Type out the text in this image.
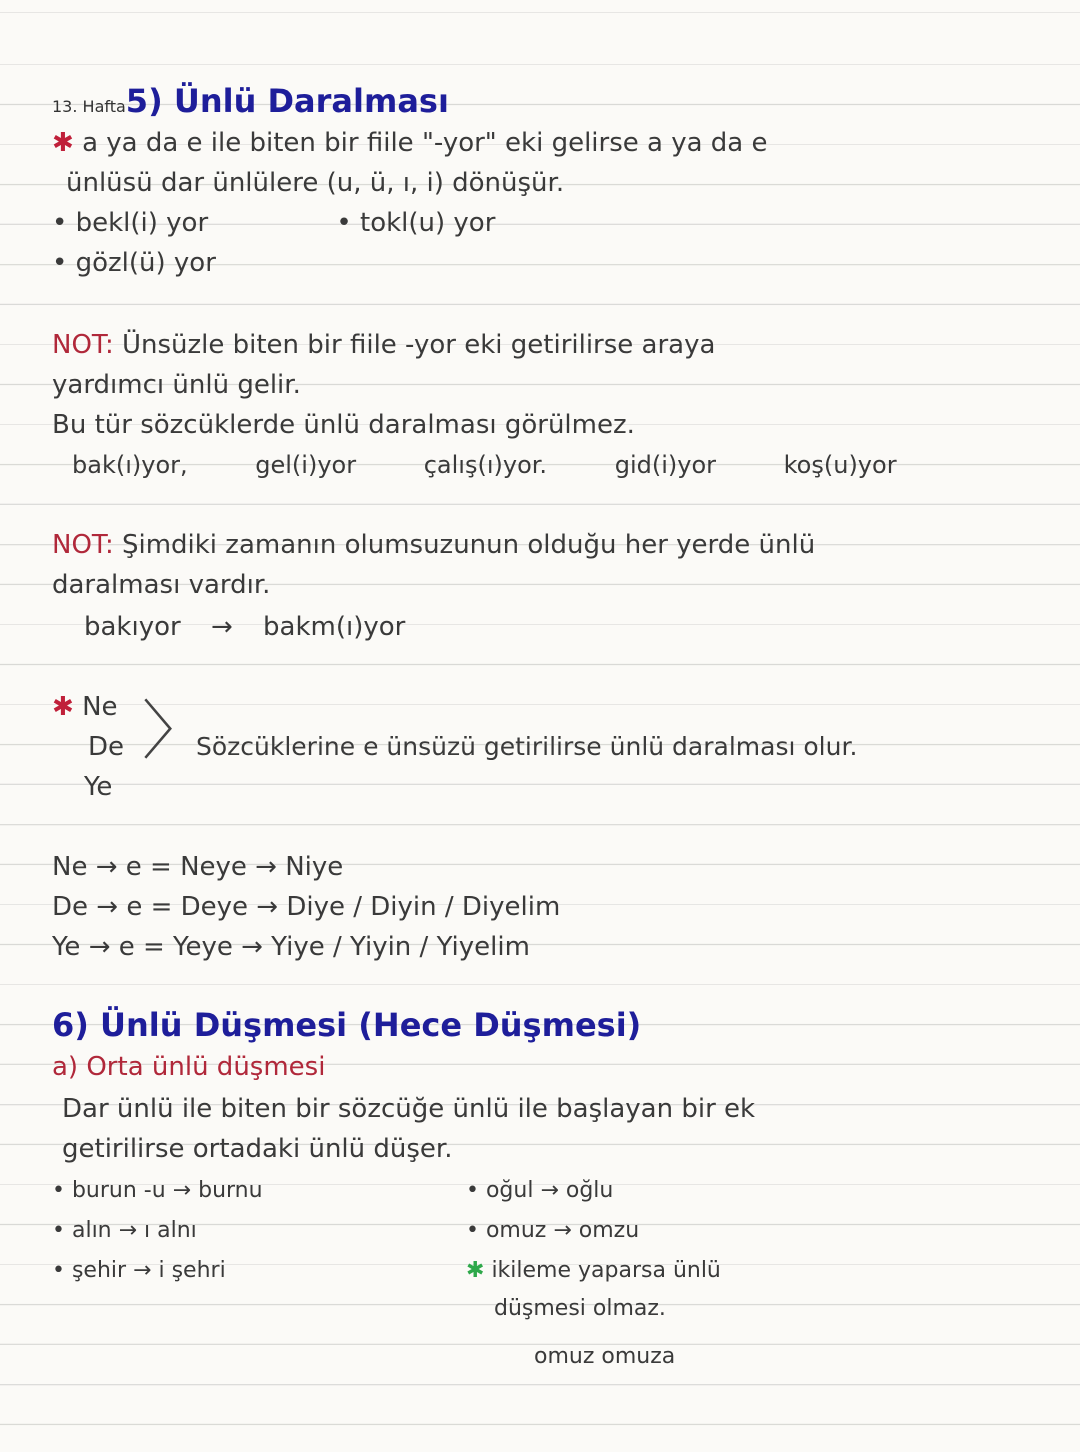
13. Hafta5) Ünlü Daralması
✱ a ya da e ile biten bir fiile "-yor" eki gelirse a ya da e
ünlüsü dar ünlülere (u, ü, ı, i) dönüşür.
• bekl(i) yor	• tokl(u) yor
• gözl(ü) yor
NOT: Ünsüzle biten bir fiile -yor eki getirilirse araya
yardımcı ünlü gelir.
Bu tür sözcüklerde ünlü daralması görülmez.
bak(ı)yor,	gel(i)yor	çalış(ı)yor.	gid(i)yor	koş(u)yor
NOT: Şimdiki zamanın olumsuzunun olduğu her yerde ünlü
daralması vardır.
bakıyor → bakm(ı)yor
✱ Ne
De
Ye
〉
Sözcüklerine e ünsüzü getirilirse ünlü daralması olur.
Ne → e = Neye → Niye
De → e = Deye → Diye / Diyin / Diyelim
Ye → e = Yeye → Yiye / Yiyin / Yiyelim
6) Ünlü Düşmesi (Hece Düşmesi)
a) Orta ünlü düşmesi
Dar ünlü ile biten bir sözcüğe ünlü ile başlayan bir ek
getirilirse ortadaki ünlü düşer.
• burun -u → burnu
• alın → ı alnı
• şehir → i şehri
• oğul → oğlu
• omuz → omzu
✱ ikileme yaparsa ünlü
düşmesi olmaz.
omuz omuza
